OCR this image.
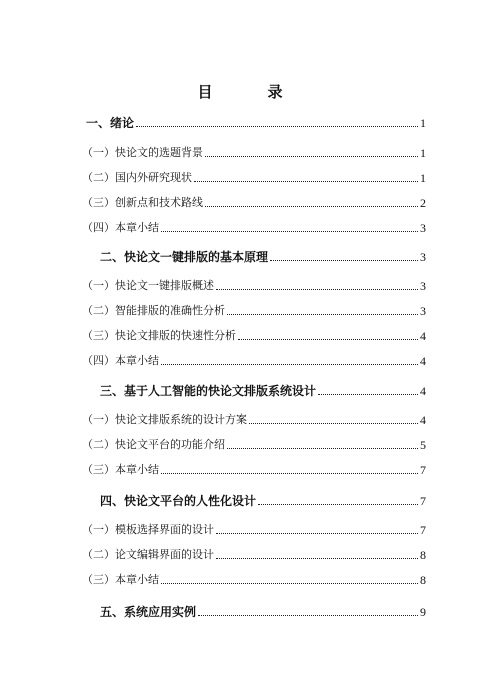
目　录
一、绪论	1
（一）快论文的选题背景	1
（二）国内外研究现状	1
（三）创新点和技术路线	2
（四）本章小结	3
二、快论文一键排版的基本原理	3
（一）快论文一键排版概述	3
（二）智能排版的准确性分析	3
（三）快论文排版的快速性分析	4
（四）本章小结	4
三、基于人工智能的快论文排版系统设计	4
（一）快论文排版系统的设计方案	4
（二）快论文平台的功能介绍	5
（三）本章小结	7
四、快论文平台的人性化设计	7
（一）模板选择界面的设计	7
（二）论文编辑界面的设计	8
（三）本章小结	8
五、系统应用实例	9
